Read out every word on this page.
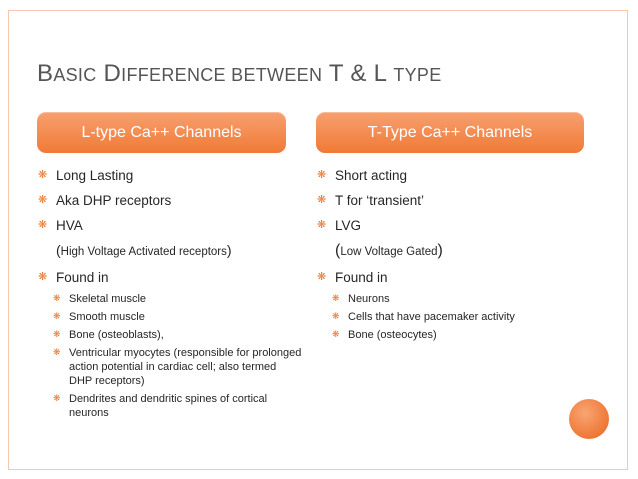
BASIC DIFFERENCE BETWEEN T & L TYPE
L-type Ca++ Channels	T-Type Ca++ Channels
❋ Long Lasting
❋ Aka DHP receptors
❋ HVA
(High Voltage Activated receptors)
❋ Found in
❋ Skeletal muscle
❋ Smooth muscle
❋ Bone (osteoblasts),
❋ Ventricular myocytes (responsible for prolonged action potential in cardiac cell; also termed DHP receptors)
❋ Dendrites and dendritic spines of cortical neurons
❋ Short acting
❋ T for ‘transient’
❋ LVG
(Low Voltage Gated)
❋ Found in
❋ Neurons
❋ Cells that have pacemaker activity
❋ Bone (osteocytes)
